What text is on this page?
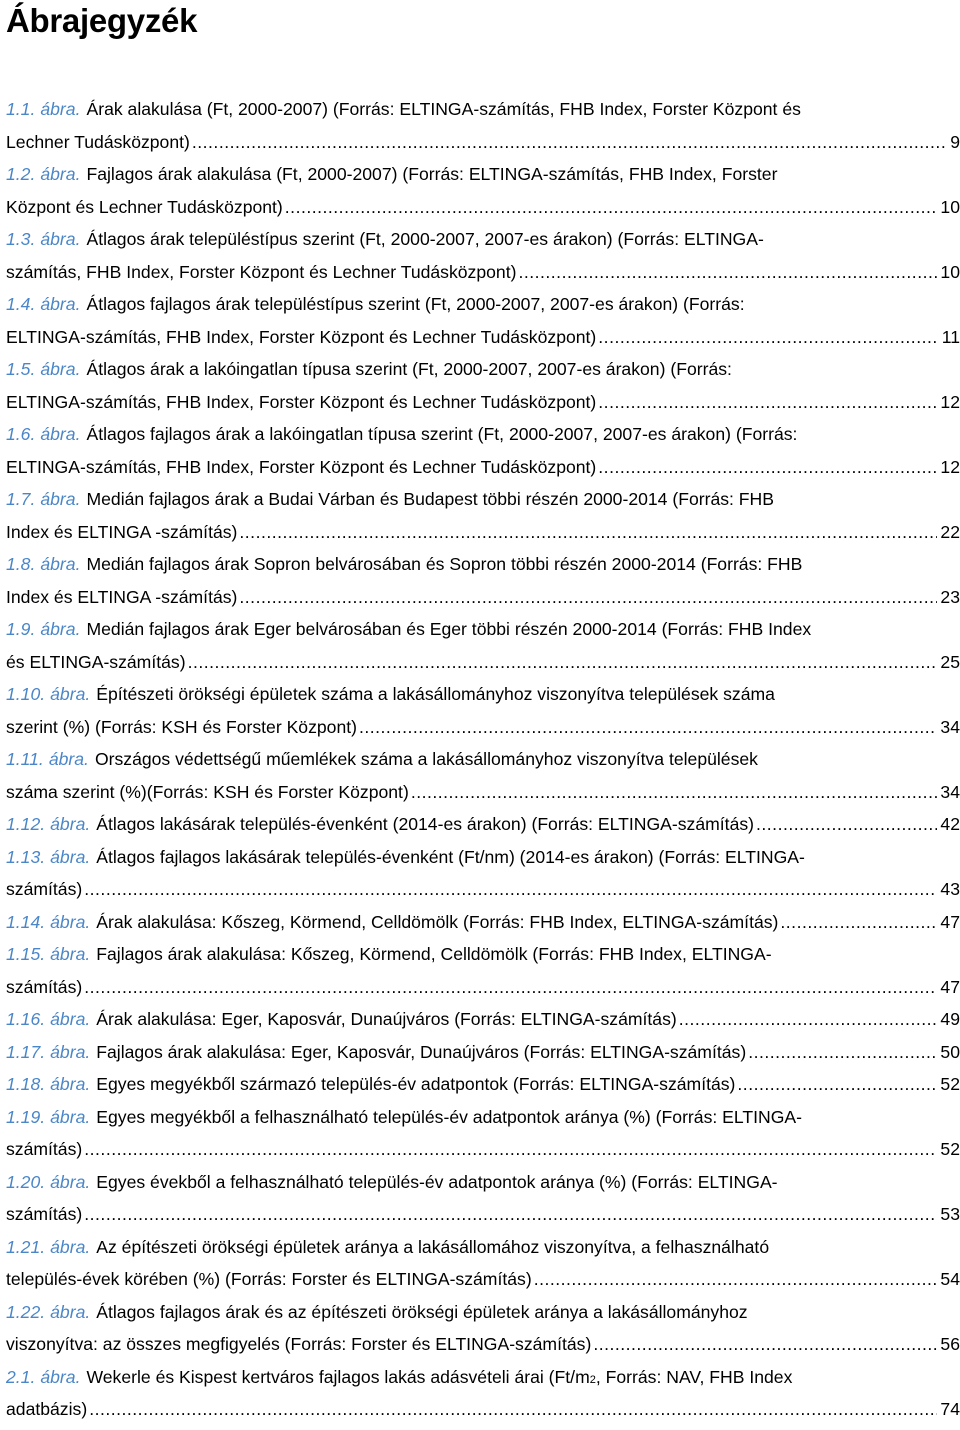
Ábrajegyzék
1.1. ábra. Árak alakulása (Ft, 2000-2007) (Forrás: ELTINGA-számítás, FHB Index, Forster Központ és
Lechner Tudásközpont) .....	9
1.2. ábra. Fajlagos árak alakulása (Ft, 2000-2007) (Forrás: ELTINGA-számítás, FHB Index, Forster
Központ és Lechner Tudásközpont) .....	10
1.3. ábra. Átlagos árak településtípus szerint (Ft, 2000-2007, 2007-es árakon) (Forrás: ELTINGA-
számítás, FHB Index, Forster Központ és Lechner Tudásközpont) .....	10
1.4. ábra. Átlagos fajlagos árak településtípus szerint (Ft, 2000-2007, 2007-es árakon) (Forrás:
ELTINGA-számítás, FHB Index, Forster Központ és Lechner Tudásközpont) .....	11
1.5. ábra. Átlagos árak a lakóingatlan típusa szerint (Ft, 2000-2007, 2007-es árakon) (Forrás:
ELTINGA-számítás, FHB Index, Forster Központ és Lechner Tudásközpont) .....	12
1.6. ábra. Átlagos fajlagos árak a lakóingatlan típusa szerint (Ft, 2000-2007, 2007-es árakon) (Forrás:
ELTINGA-számítás, FHB Index, Forster Központ és Lechner Tudásközpont) .....	12
1.7. ábra. Medián fajlagos árak a Budai Várban és Budapest többi részén 2000-2014 (Forrás: FHB
Index és ELTINGA -számítás) .....	22
1.8. ábra. Medián fajlagos árak Sopron belvárosában és Sopron többi részén 2000-2014 (Forrás: FHB
Index és ELTINGA -számítás) .....	23
1.9. ábra. Medián fajlagos árak Eger belvárosában és Eger többi részén 2000-2014 (Forrás: FHB Index
és ELTINGA-számítás) .....	25
1.10. ábra. Építészeti örökségi épületek száma a lakásállományhoz viszonyítva települések száma
szerint (%) (Forrás: KSH és Forster Központ) .....	34
1.11. ábra. Országos védettségű műemlékek száma a lakásállományhoz viszonyítva települések
száma szerint (%)(Forrás: KSH és Forster Központ) .....	34
1.12. ábra. Átlagos lakásárak település-évenként (2014-es árakon) (Forrás: ELTINGA-számítás) .....	42
1.13. ábra. Átlagos fajlagos lakásárak település-évenként (Ft/nm) (2014-es árakon) (Forrás: ELTINGA-
számítás) .....	43
1.14. ábra. Árak alakulása: Kőszeg, Körmend, Celldömölk (Forrás: FHB Index, ELTINGA-számítás) .....	47
1.15. ábra. Fajlagos árak alakulása: Kőszeg, Körmend, Celldömölk (Forrás: FHB Index, ELTINGA-
számítás) .....	47
1.16. ábra. Árak alakulása: Eger, Kaposvár, Dunaújváros (Forrás: ELTINGA-számítás) .....	49
1.17. ábra. Fajlagos árak alakulása: Eger, Kaposvár, Dunaújváros (Forrás: ELTINGA-számítás) .....	50
1.18. ábra. Egyes megyékből származó település-év adatpontok (Forrás: ELTINGA-számítás) .....	52
1.19. ábra. Egyes megyékből a felhasználható település-év adatpontok aránya (%) (Forrás: ELTINGA-
számítás) .....	52
1.20. ábra. Egyes évekből a felhasználható település-év adatpontok aránya (%) (Forrás: ELTINGA-
számítás) .....	53
1.21. ábra. Az építészeti örökségi épületek aránya a lakásállomához viszonyítva, a felhasználható
település-évek körében (%) (Forrás: Forster és ELTINGA-számítás) .....	54
1.22. ábra. Átlagos fajlagos árak és az építészeti örökségi épületek aránya a lakásállományhoz
viszonyítva: az összes megfigyelés (Forrás: Forster és ELTINGA-számítás) .....	56
2.1. ábra. Wekerle és Kispest kertváros fajlagos lakás adásvételi árai (Ft/m 2 , Forrás: NAV, FHB Index
adatbázis) .....	74
